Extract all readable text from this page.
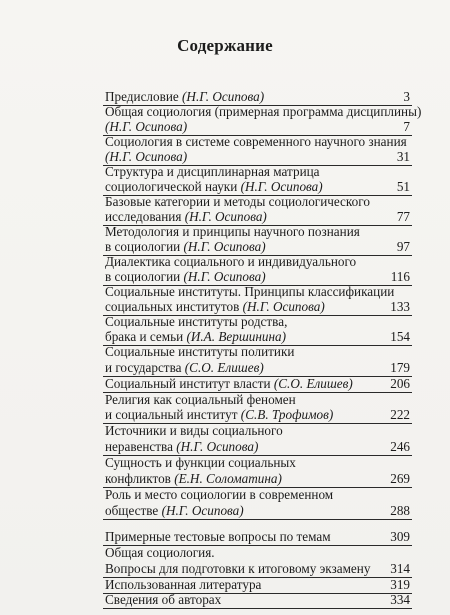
Содержание
Предисловие (Н.Г. Осипова)	3
Общая социология (примерная программа дисциплины)
(Н.Г. Осипова)	7
Социология в системе современного научного знания
(Н.Г. Осипова)	31
Структура и дисциплинарная матрица
социологической науки (Н.Г. Осипова)	51
Базовые категории и методы социологического
исследования (Н.Г. Осипова)	77
Методология и принципы научного познания
в социологии (Н.Г. Осипова)	97
Диалектика социального и индивидуального
в социологии (Н.Г. Осипова)	116
Социальные институты. Принципы классификации
социальных институтов (Н.Г. Осипова)	133
Социальные институты родства,
брака и семьи (И.А. Вершинина)	154
Социальные институты политики
и государства (С.О. Елишев)	179
Социальный институт власти (С.О. Елишев)	206
Религия как социальный феномен
и социальный институт (С.В. Трофимов)	222
Источники и виды социального
неравенства (Н.Г. Осипова)	246
Сущность и функции социальных
конфликтов (Е.Н. Соломатина)	269
Роль и место социологии в современном
обществе (Н.Г. Осипова)	288
Примерные тестовые вопросы по темам	309
Общая социология.
Вопросы для подготовки к итоговому экзамену 314
Использованная литература	319
Сведения об авторах	334
